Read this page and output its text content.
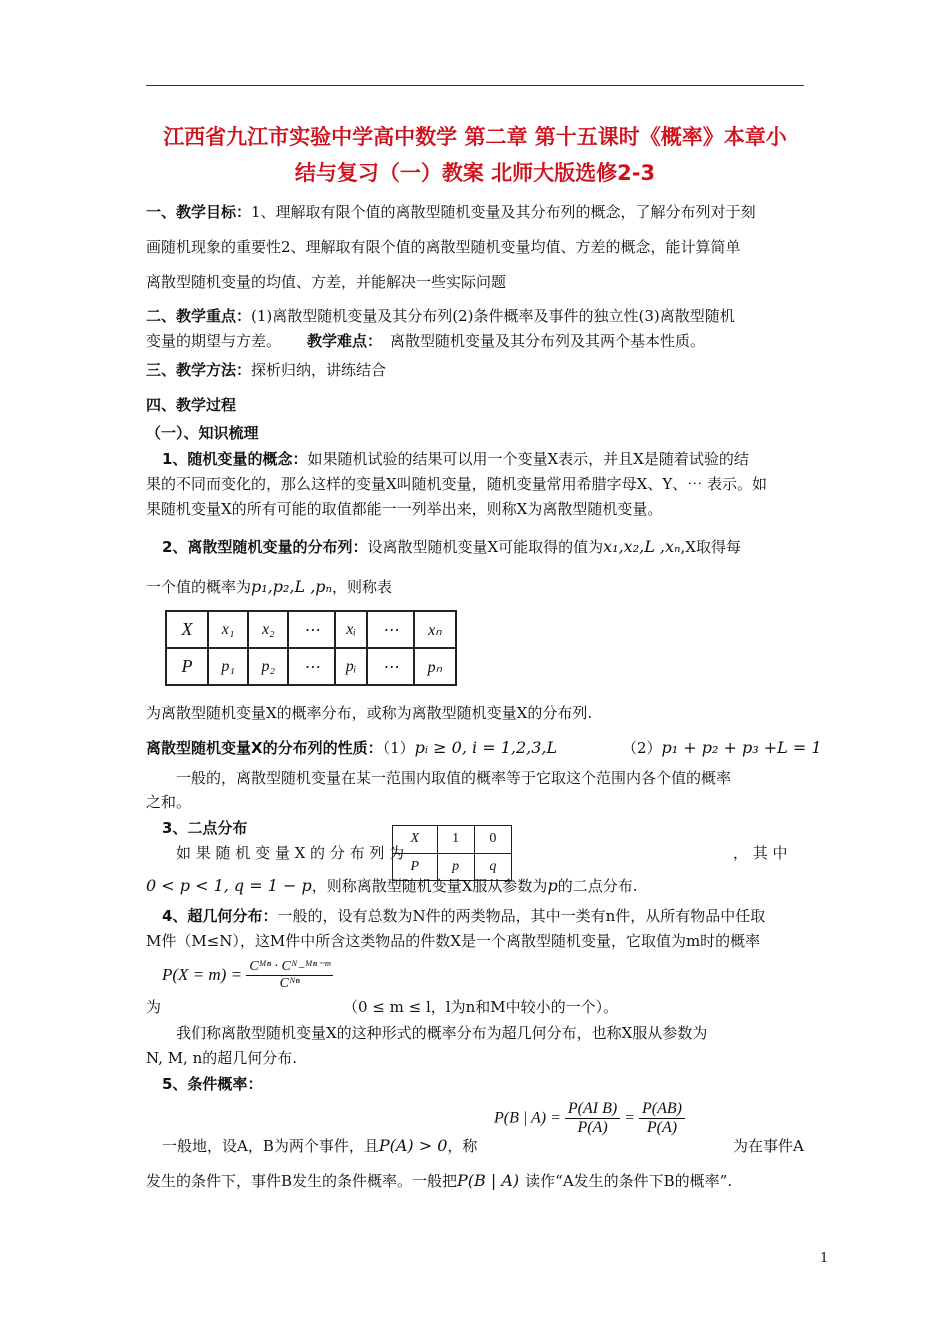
江西省九江市实验中学高中数学 第二章 第十五课时《概率》本章小
结与复习（一）教案 北师大版选修2-3
一、教学目标：1、理解取有限个值的离散型随机变量及其分布列的概念，了解分布列对于刻
画随机现象的重要性2、理解取有限个值的离散型随机变量均值、方差的概念，能计算简单
离散型随机变量的均值、方差，并能解决一些实际问题
二、教学重点：(1)离散型随机变量及其分布列(2)条件概率及事件的独立性(3)离散型随机
变量的期望与方差。 教学难点： 离散型随机变量及其分布列及其两个基本性质。
三、教学方法：探析归纳，讲练结合
四、教学过程
（一）、知识梳理
1、随机变量的概念：如果随机试验的结果可以用一个变量X表示，并且X是随着试验的结
果的不同而变化的，那么这样的变量X叫随机变量，随机变量常用希腊字母X、Y、⋯ 表示。如
果随机变量X的所有可能的取值都能一一列举出来，则称X为离散型随机变量。
2、离散型随机变量的分布列：设离散型随机变量X可能取得的值为x₁,x₂,L ,xₙ,X取得每
一个值的概率为p₁,p₂,L ,pₙ，则称表
X	x₁	x₂	⋯	xᵢ	⋯	xₙ
P	p₁	p₂	⋯	pᵢ	⋯	pₙ
为离散型随机变量X的概率分布，或称为离散型随机变量X的分布列.
离散型随机变量X的分布列的性质：（1）pᵢ ≥ 0, i = 1,2,3,L	（2）p₁ + p₂ + p₃ +L = 1
一般的，离散型随机变量在某一范围内取值的概率等于它取这个范围内各个值的概率
之和。
3、二点分布
X	1	0
P	p	q
如 果 随 机 变 量 X 的 分 布 列 为	， 其 中
0 < p < 1, q = 1 − p，则称离散型随机变量X服从参数为p的二点分布.
4、超几何分布：一般的，设有总数为N件的两类物品，其中一类有n件，从所有物品中任取
M件（M≤N），这M件中所含这类物品的件数X是一个离散型随机变量，它取值为m时的概率
$P(X = m) = \frac{\text{Cᴹⁿ · Cᴺ₋ᴹⁿ⁻ᵐ}}{\text{Cᴺⁿ}}$
为	（0 ≤ m ≤ l，l为n和M中较小的一个）。
我们称离散型随机变量X的这种形式的概率分布为超几何分布，也称X服从参数为
N, M, n的超几何分布.
5、条件概率：
P(B | $A) = \frac{\text{P(AI B)}}{P(A)} = \frac{P(AB)}{P(A)}$
一般地，设A，B为两个事件，且P(A) > 0，称	为在事件A
发生的条件下，事件B发生的条件概率。一般把P(B | A) 读作“A发生的条件下B的概率”.
1
